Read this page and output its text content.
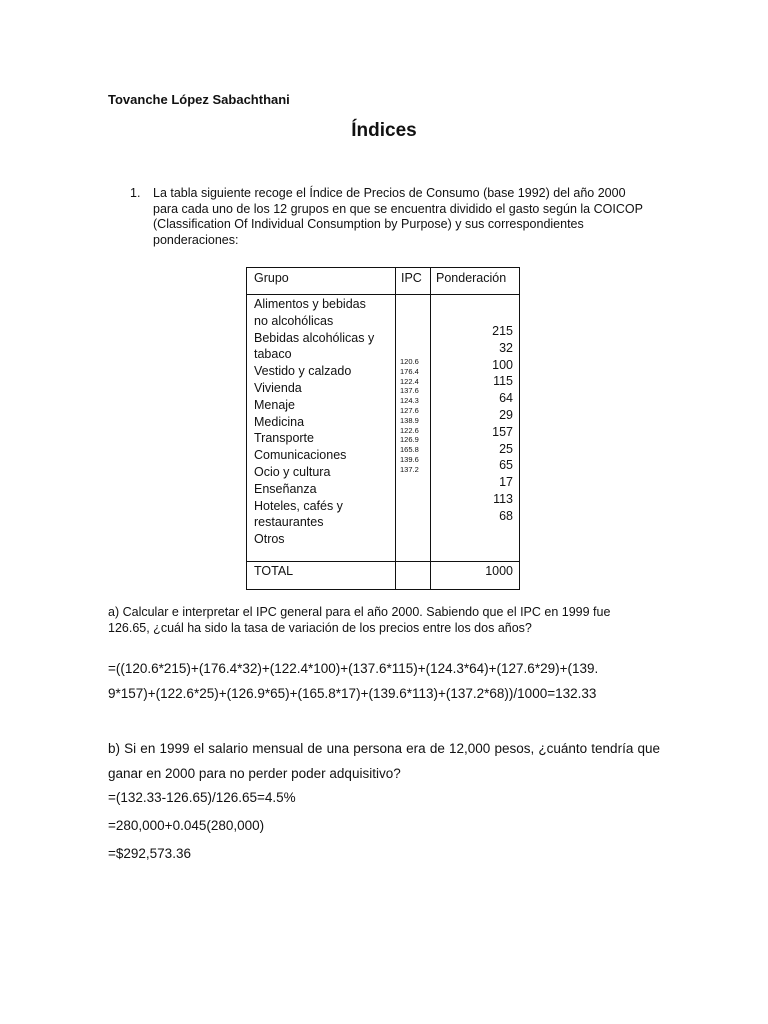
Tovanche López Sabachthani
Índices
1. La tabla siguiente recoge el Índice de Precios de Consumo (base 1992) del año 2000 para cada uno de los 12 grupos en que se encuentra dividido el gasto según la COICOP (Classification Of Individual Consumption by Purpose) y sus correspondientes ponderaciones:
Grupo	IPC Ponderación
Alimentos y bebidas
no alcohólicas
Bebidas alcohólicas y
tabaco
Vestido y calzado
Vivienda
Menaje
Medicina
Transporte
Comunicaciones
Ocio y cultura
Enseñanza
Hoteles, cafés y
restaurantes
Otros
120.6
176.4
122.4
137.6
124.3
127.6
138.9
122.6
126.9
165.8
139.6
137.2
215
32
100
115
64
29
157
25
65
17
113
68
TOTAL	1000
a) Calcular e interpretar el IPC general para el año 2000. Sabiendo que el IPC en 1999 fue 126.65, ¿cuál ha sido la tasa de variación de los precios entre los dos años?
=((120.6*215)+(176.4*32)+(122.4*100)+(137.6*115)+(124.3*64)+(127.6*29)+(139.
9*157)+(122.6*25)+(126.9*65)+(165.8*17)+(139.6*113)+(137.2*68))/1000=132.33
b) Si en 1999 el salario mensual de una persona era de 12,000 pesos, ¿cuánto tendría que ganar en 2000 para no perder poder adquisitivo?
=(132.33-126.65)/126.65=4.5%
=280,000+0.045(280,000)
=$292,573.36
